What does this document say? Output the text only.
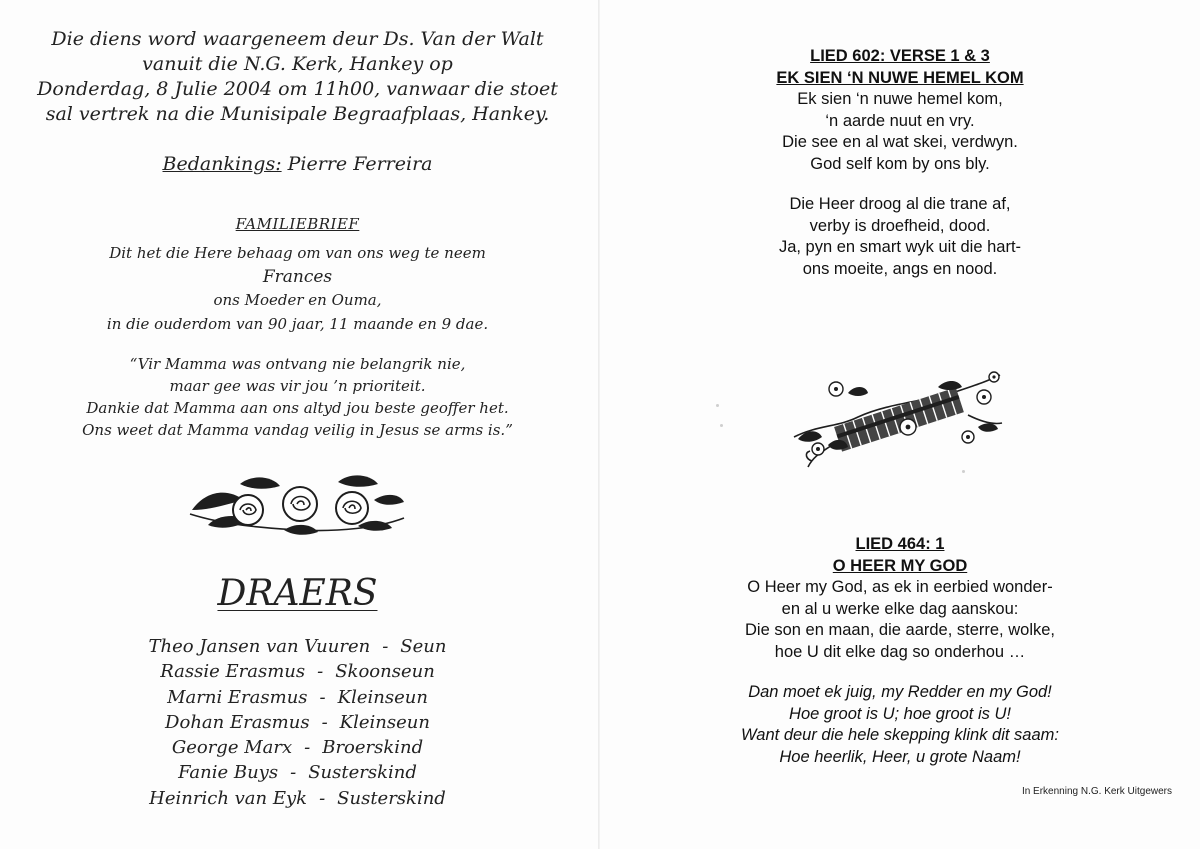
Die diens word waargeneem deur Ds. Van der Walt
vanuit die N.G. Kerk, Hankey op
Donderdag, 8 Julie 2004 om 11h00, vanwaar die stoet
sal vertrek na die Munisipale Begraafplaas, Hankey.
Bedankings: Pierre Ferreira
FAMILIEBRIEF
Dit het die Here behaag om van ons weg te neem
Frances
ons Moeder en Ouma,
in die ouderdom van 90 jaar, 11 maande en 9 dae.
“Vir Mamma was ontvang nie belangrik nie,
maar gee was vir jou ’n prioriteit.
Dankie dat Mamma aan ons altyd jou beste geoffer het.
Ons weet dat Mamma vandag veilig in Jesus se arms is.”
DRAERS
Theo Jansen van Vuuren - Seun
Rassie Erasmus - Skoonseun
Marni Erasmus - Kleinseun
Dohan Erasmus - Kleinseun
George Marx - Broerskind
Fanie Buys - Susterskind
Heinrich van Eyk - Susterskind
LIED 602: VERSE 1 & 3
EK SIEN ‘N NUWE HEMEL KOM
Ek sien ‘n nuwe hemel kom,
‘n aarde nuut en vry.
Die see en al wat skei, verdwyn.
God self kom by ons bly.
Die Heer droog al die trane af,
verby is droefheid, dood.
Ja, pyn en smart wyk uit die hart-
ons moeite, angs en nood.
LIED 464: 1
O HEER MY GOD
O Heer my God, as ek in eerbied wonder-
en al u werke elke dag aanskou:
Die son en maan, die aarde, sterre, wolke,
hoe U dit elke dag so onderhou …
Dan moet ek juig, my Redder en my God!
Hoe groot is U; hoe groot is U!
Want deur die hele skepping klink dit saam:
Hoe heerlik, Heer, u grote Naam!
In Erkenning N.G. Kerk Uitgewers
